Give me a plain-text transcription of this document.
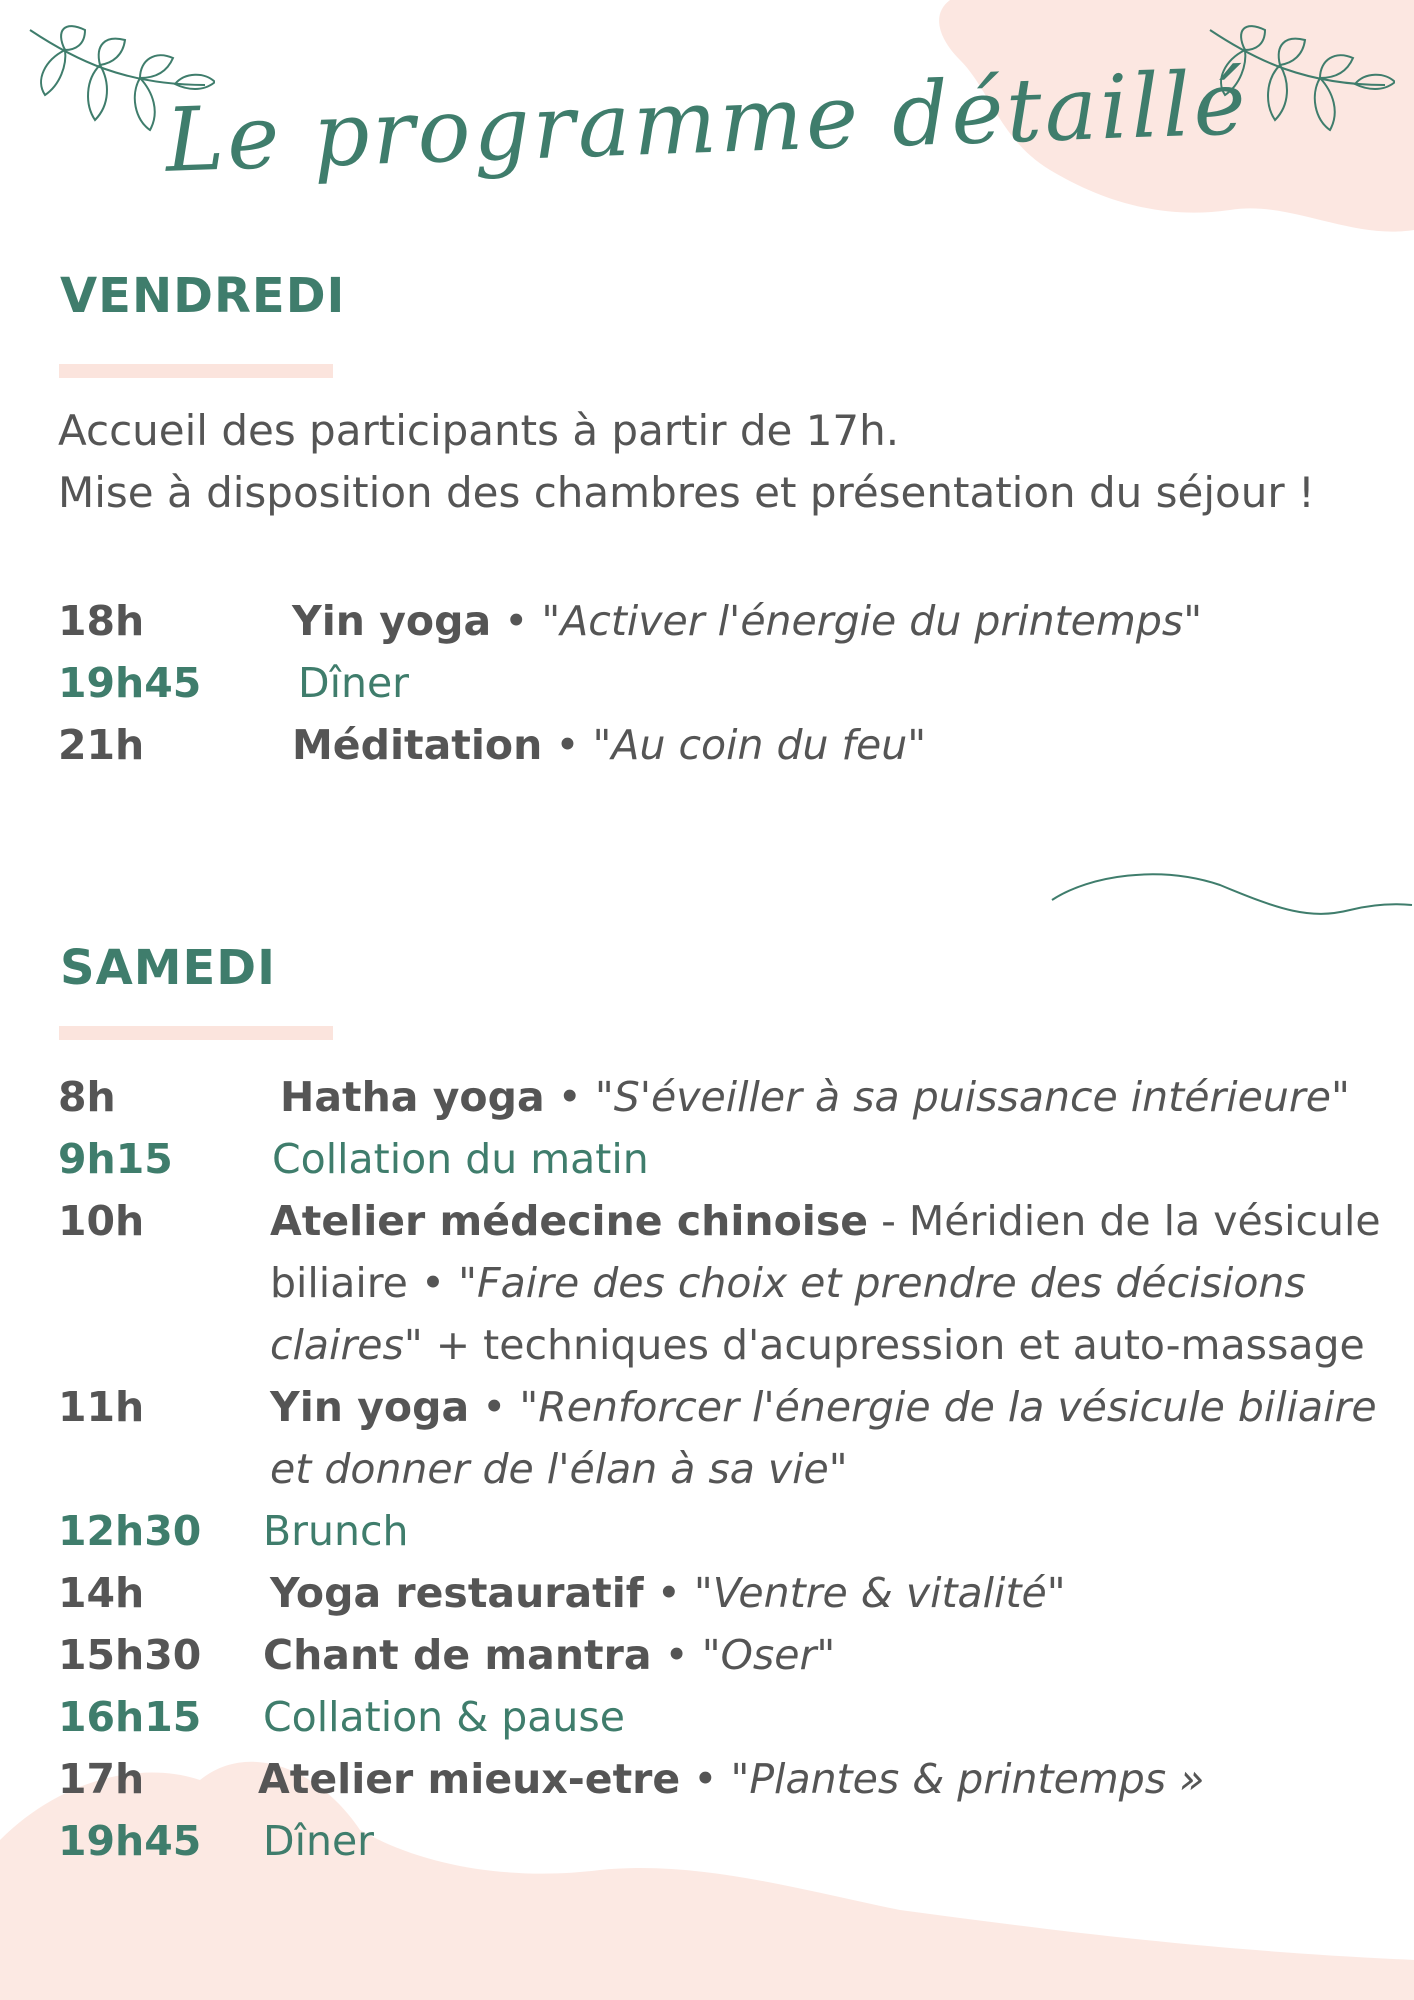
Le programme détaillé
VENDREDI
Accueil des participants à partir de 17h.
Mise à disposition des chambres et présentation du séjour !
18h	Yin yoga • "Activer l'énergie du printemps"
19h45	Dîner
21h	Méditation • "Au coin du feu"
SAMEDI
8h	Hatha yoga • "S'éveiller à sa puissance intérieure"
9h15	Collation du matin
10h	Atelier médecine chinoise - Méridien de la vésicule
biliaire • "Faire des choix et prendre des décisions
claires" + techniques d'acupression et auto-massage
11h	Yin yoga • "Renforcer l'énergie de la vésicule biliaire
et donner de l'élan à sa vie"
12h30	Brunch
14h	Yoga restauratif • "Ventre & vitalité"
15h30	Chant de mantra • "Oser"
16h15	Collation & pause
17h	Atelier mieux-etre • "Plantes & printemps »
19h45	Dîner
